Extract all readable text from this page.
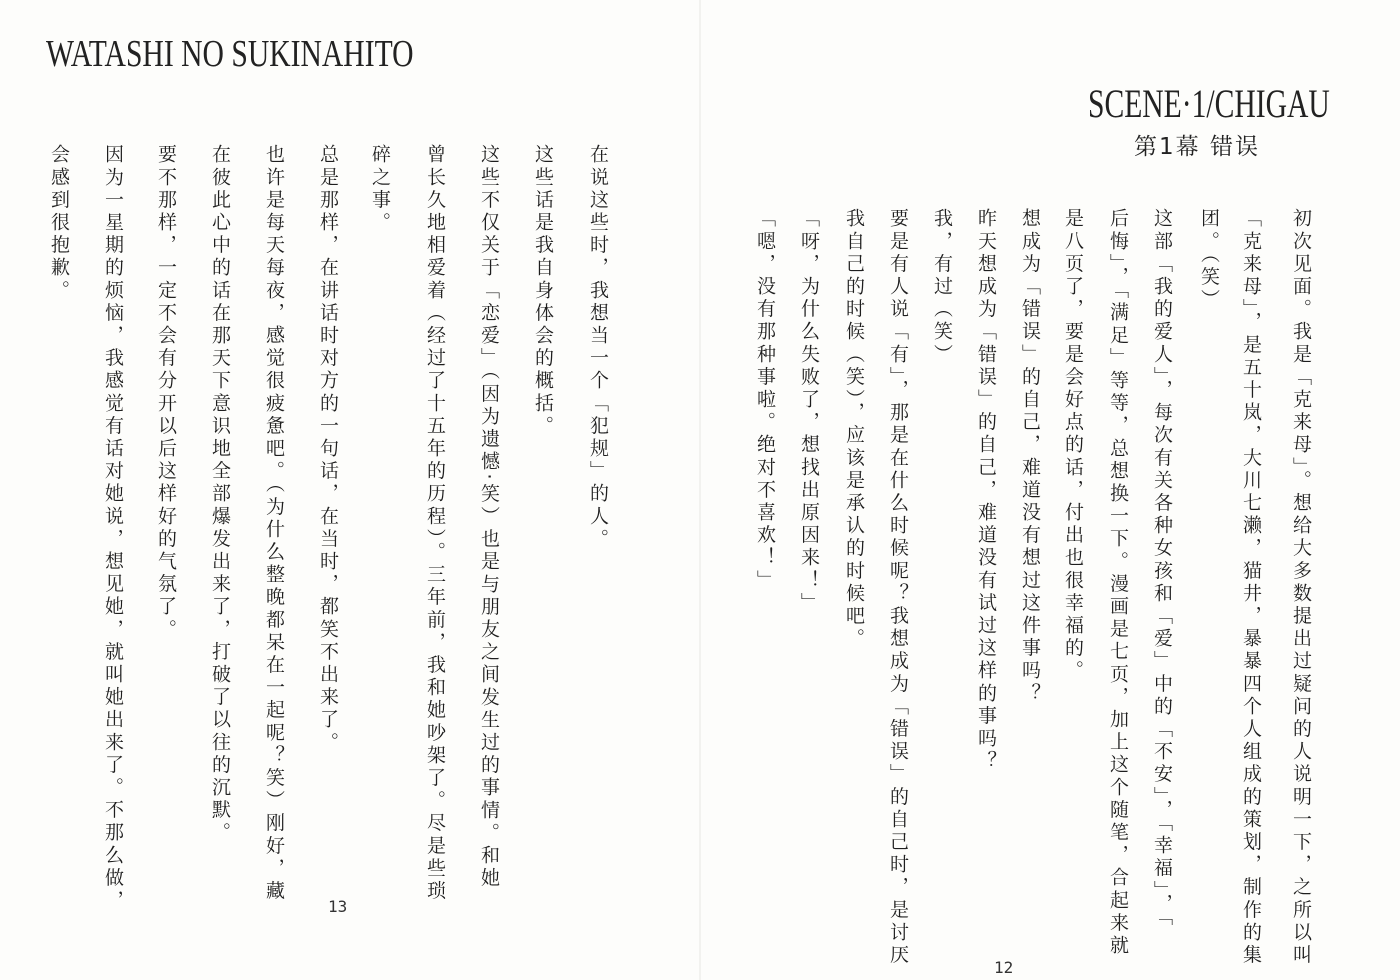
WATASHI NO SUKINAHITO
在说这些时，我想当一个「犯规」的人。
这些话是我自身体会的概括。
这些不仅关于「恋爱」（因为遗憾·笑）也是与朋友之间发生过的事情。和她
曾长久地相爱着（经过了十五年的历程）。三年前，我和她吵架了。尽是些琐
碎之事。
总是那样，在讲话时对方的一句话，在当时，都笑不出来了。
也许是每天每夜，感觉很疲惫吧。（为什么整晚都呆在一起呢？笑）刚好，藏
在彼此心中的话在那天下意识地全部爆发出来了，打破了以往的沉默。
要不那样，一定不会有分开以后这样好的气氛了。
因为一星期的烦恼，我感觉有话对她说，想见她，就叫她出来了。不那么做，
会感到很抱歉。
13
SCENE·1/CHIGAU
第1幕 错误
初次见面。我是「克来母」。想给大多数提出过疑问的人说明一下，之所以叫
「克来母」，是五十岚，大川七濑，猫井，暴暴四个人组成的策划，制作的集
团。（笑）
这部「我的爱人」，每次有关各种女孩和「爱」中的「不安」，「幸福」，「
后悔」，「满足」等等，总想换一下。漫画是七页，加上这个随笔，合起来就
是八页了，要是会好点的话，付出也很幸福的。
想成为「错误」的自己，难道没有想过这件事吗？
昨天想成为「错误」的自己，难道没有试过这样的事吗？
我，有过（笑）
要是有人说「有」，那是在什么时候呢？我想成为「错误」的自己时，是讨厌
我自己的时候（笑），应该是承认的时候吧。
「呀，为什么失败了，想找出原因来！」
「嗯，没有那种事啦。绝对不喜欢！」
12
